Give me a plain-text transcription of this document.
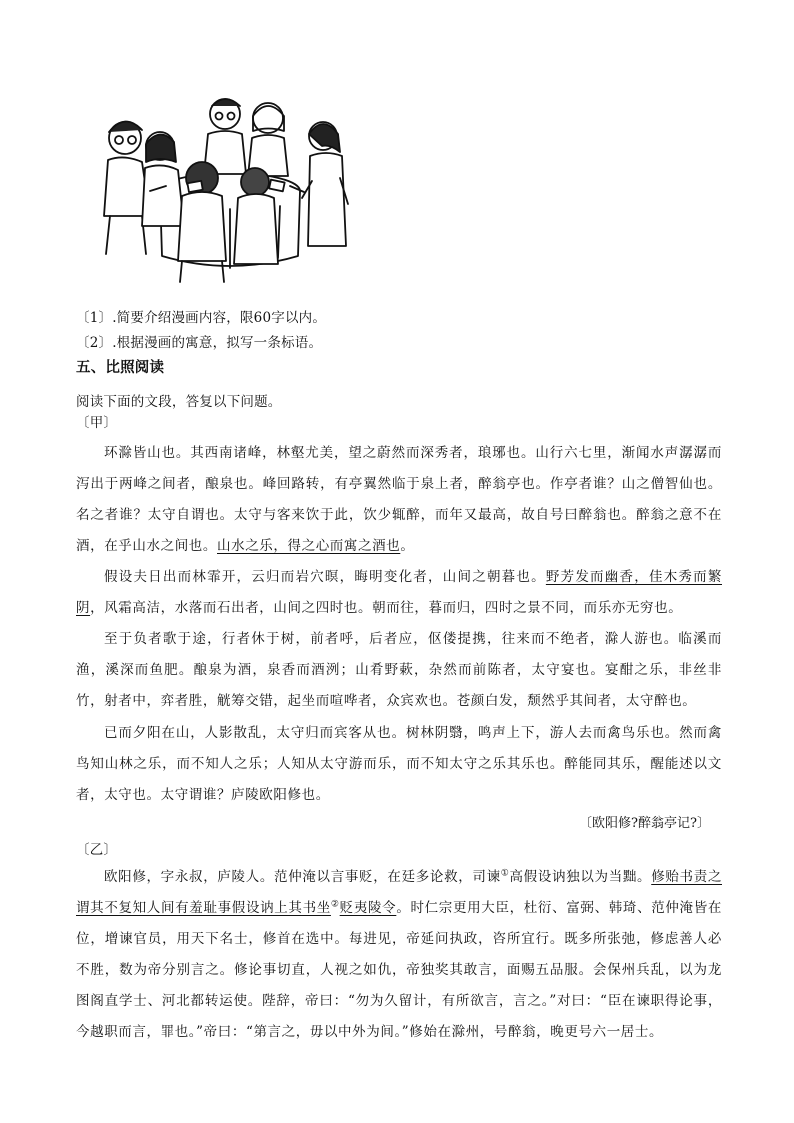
〔1〕.简要介绍漫画内容，限60字以内。
〔2〕.根据漫画的寓意，拟写一条标语。
五、比照阅读
阅读下面的文段，答复以下问题。
〔甲〕
环滁皆山也。其西南诸峰，林壑尤美，望之蔚然而深秀者，琅琊也。山行六七里，渐闻水声潺潺而泻出于两峰之间者，酿泉也。峰回路转，有亭翼然临于泉上者，醉翁亭也。作亭者谁？山之僧智仙也。名之者谁？太守自谓也。太守与客来饮于此，饮少辄醉，而年又最高，故自号曰醉翁也。醉翁之意不在酒，在乎山水之间也。山水之乐，得之心而寓之酒也。
假设夫日出而林霏开，云归而岩穴暝，晦明变化者，山间之朝暮也。野芳发而幽香，佳木秀而繁阴，风霜高洁，水落而石出者，山间之四时也。朝而往，暮而归，四时之景不同，而乐亦无穷也。
至于负者歌于途，行者休于树，前者呼，后者应，伛偻提携，往来而不绝者，滁人游也。临溪而渔，溪深而鱼肥。酿泉为酒，泉香而酒洌；山肴野蔌，杂然而前陈者，太守宴也。宴酣之乐，非丝非竹，射者中，弈者胜，觥筹交错，起坐而喧哗者，众宾欢也。苍颜白发，颓然乎其间者，太守醉也。
已而夕阳在山，人影散乱，太守归而宾客从也。树林阴翳，鸣声上下，游人去而禽鸟乐也。然而禽鸟知山林之乐，而不知人之乐；人知从太守游而乐，而不知太守之乐其乐也。醉能同其乐，醒能述以文者，太守也。太守谓谁？庐陵欧阳修也。
〔欧阳修?醉翁亭记?〕
〔乙〕
欧阳修，字永叔，庐陵人。范仲淹以言事贬，在廷多论救，司谏①高假设讷独以为当黜。修贻书责之谓其不复知人间有羞耻事假设讷上其书坐②贬夷陵令。时仁宗更用大臣，杜衍、富弼、韩琦、范仲淹皆在位，增谏官员，用天下名士，修首在选中。每进见，帝延问执政，咨所宜行。既多所张弛，修虑善人必不胜，数为帝分别言之。修论事切直，人视之如仇，帝独奖其敢言，面赐五品服。会保州兵乱，以为龙图阁直学士、河北都转运使。陛辞，帝曰：“勿为久留计，有所欲言，言之。”对曰：“臣在谏职得论事，今越职而言，罪也。”帝曰：“第言之，毋以中外为间。”修始在滁州，号醉翁，晚更号六一居士。
